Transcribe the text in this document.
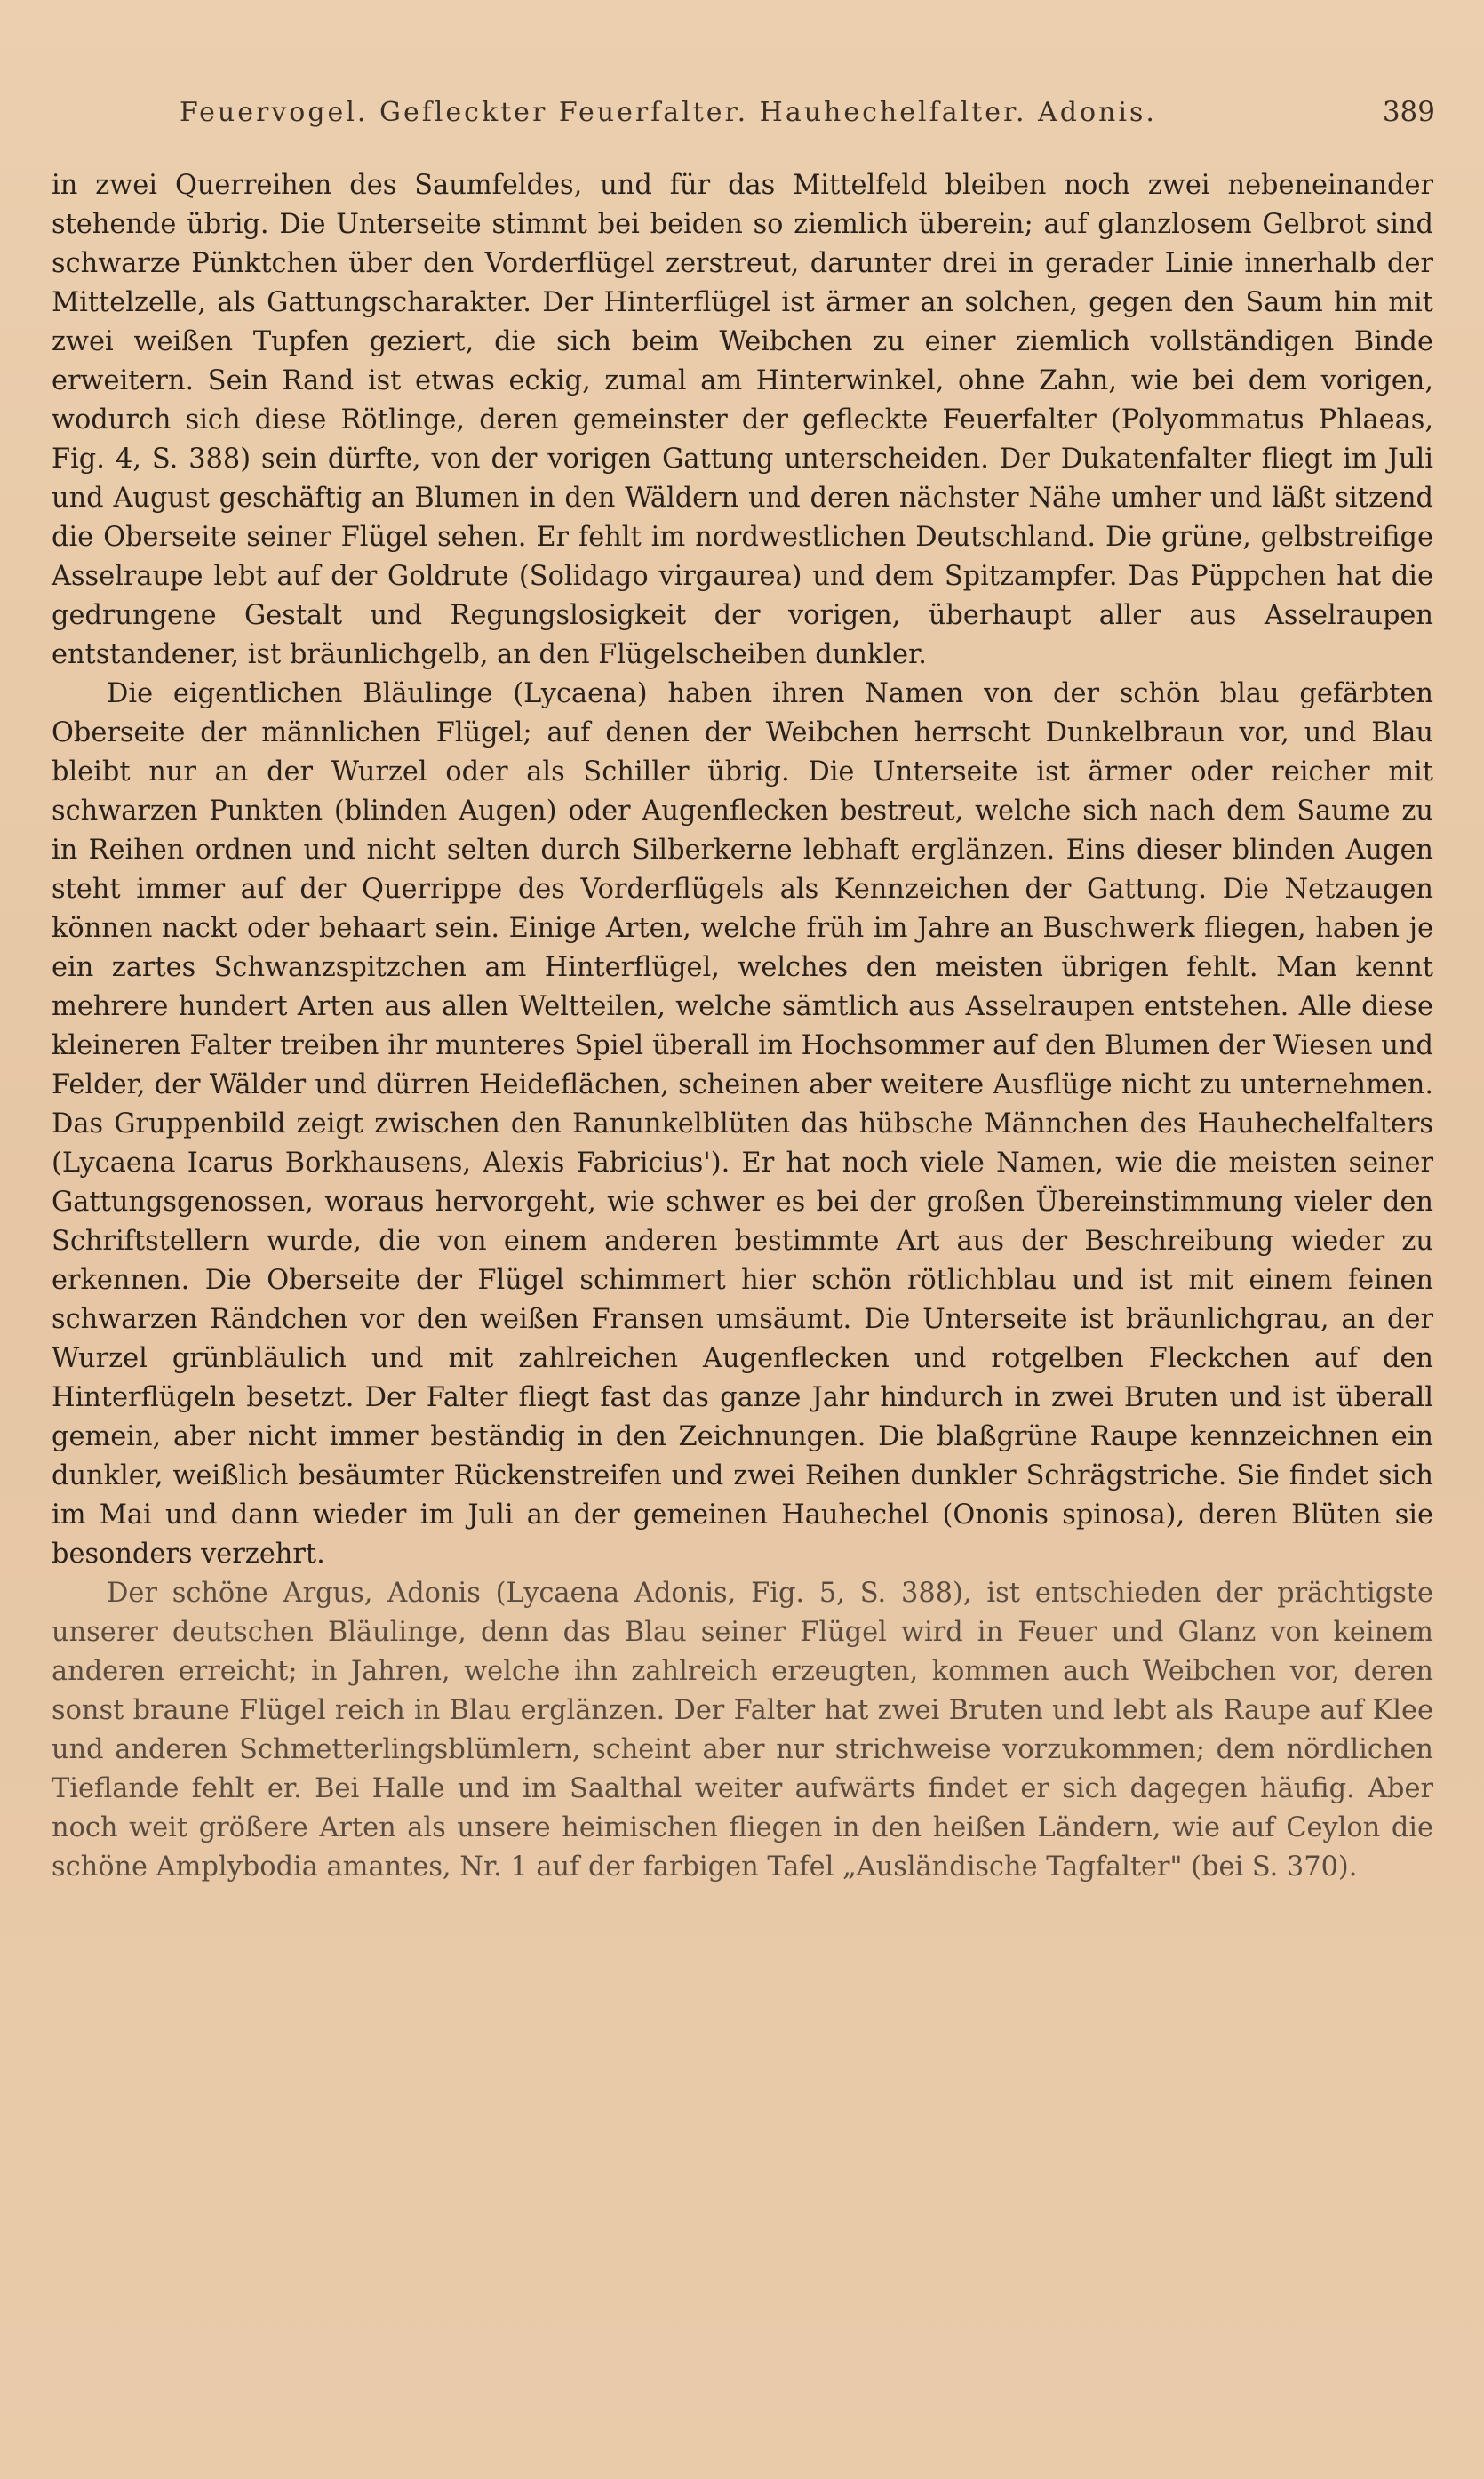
Feuervogel. Gefleckter Feuerfalter. Hauhechelfalter. Adonis.	389

in zwei Querreihen des Saumfeldes, und für das Mittelfeld bleiben noch zwei nebeneinander stehende übrig. Die Unterseite stimmt bei beiden so ziemlich überein; auf glanzlosem Gelbrot sind schwarze Pünktchen über den Vorderflügel zerstreut, darunter drei in gerader Linie innerhalb der Mittelzelle, als Gattungscharakter. Der Hinterflügel ist ärmer an solchen, gegen den Saum hin mit zwei weißen Tupfen geziert, die sich beim Weibchen zu einer ziemlich vollständigen Binde erweitern. Sein Rand ist etwas eckig, zumal am Hinterwinkel, ohne Zahn, wie bei dem vorigen, wodurch sich diese Rötlinge, deren gemeinster der gefleckte Feuerfalter (Polyommatus Phlaeas, Fig. 4, S. 388) sein dürfte, von der vorigen Gattung unterscheiden. Der Dukatenfalter fliegt im Juli und August geschäftig an Blumen in den Wäldern und deren nächster Nähe umher und läßt sitzend die Oberseite seiner Flügel sehen. Er fehlt im nordwestlichen Deutschland. Die grüne, gelbstreifige Asselraupe lebt auf der Goldrute (Solidago virgaurea) und dem Spitzampfer. Das Püppchen hat die gedrungene Gestalt und Regungslosigkeit der vorigen, überhaupt aller aus Asselraupen entstandener, ist bräunlichgelb, an den Flügelscheiben dunkler.

Die eigentlichen Bläulinge (Lycaena) haben ihren Namen von der schön blau gefärbten Oberseite der männlichen Flügel; auf denen der Weibchen herrscht Dunkelbraun vor, und Blau bleibt nur an der Wurzel oder als Schiller übrig. Die Unterseite ist ärmer oder reicher mit schwarzen Punkten (blinden Augen) oder Augenflecken bestreut, welche sich nach dem Saume zu in Reihen ordnen und nicht selten durch Silberkerne lebhaft erglänzen. Eins dieser blinden Augen steht immer auf der Querrippe des Vorderflügels als Kennzeichen der Gattung. Die Netzaugen können nackt oder behaart sein. Einige Arten, welche früh im Jahre an Buschwerk fliegen, haben je ein zartes Schwanzspitzchen am Hinterflügel, welches den meisten übrigen fehlt. Man kennt mehrere hundert Arten aus allen Weltteilen, welche sämtlich aus Asselraupen entstehen. Alle diese kleineren Falter treiben ihr munteres Spiel überall im Hochsommer auf den Blumen der Wiesen und Felder, der Wälder und dürren Heideflächen, scheinen aber weitere Ausflüge nicht zu unternehmen. Das Gruppenbild zeigt zwischen den Ranunkelblüten das hübsche Männchen des Hauhechelfalters (Lycaena Icarus Borkhausens, Alexis Fabricius'). Er hat noch viele Namen, wie die meisten seiner Gattungsgenossen, woraus hervorgeht, wie schwer es bei der großen Übereinstimmung vieler den Schriftstellern wurde, die von einem anderen bestimmte Art aus der Beschreibung wieder zu erkennen. Die Oberseite der Flügel schimmert hier schön rötlichblau und ist mit einem feinen schwarzen Rändchen vor den weißen Fransen umsäumt. Die Unterseite ist bräunlichgrau, an der Wurzel grünbläulich und mit zahlreichen Augenflecken und rotgelben Fleckchen auf den Hinterflügeln besetzt. Der Falter fliegt fast das ganze Jahr hindurch in zwei Bruten und ist überall gemein, aber nicht immer beständig in den Zeichnungen. Die blaßgrüne Raupe kennzeichnen ein dunkler, weißlich besäumter Rückenstreifen und zwei Reihen dunkler Schrägstriche. Sie findet sich im Mai und dann wieder im Juli an der gemeinen Hauhechel (Ononis spinosa), deren Blüten sie besonders verzehrt.

Der schöne Argus, Adonis (Lycaena Adonis, Fig. 5, S. 388), ist entschieden der prächtigste unserer deutschen Bläulinge, denn das Blau seiner Flügel wird in Feuer und Glanz von keinem anderen erreicht; in Jahren, welche ihn zahlreich erzeugten, kommen auch Weibchen vor, deren sonst braune Flügel reich in Blau erglänzen. Der Falter hat zwei Bruten und lebt als Raupe auf Klee und anderen Schmetterlingsblümlern, scheint aber nur strichweise vorzukommen; dem nördlichen Tieflande fehlt er. Bei Halle und im Saalthal weiter aufwärts findet er sich dagegen häufig. Aber noch weit größere Arten als unsere heimischen fliegen in den heißen Ländern, wie auf Ceylon die schöne Amplybodia amantes, Nr. 1 auf der farbigen Tafel „Ausländische Tagfalter" (bei S. 370).
